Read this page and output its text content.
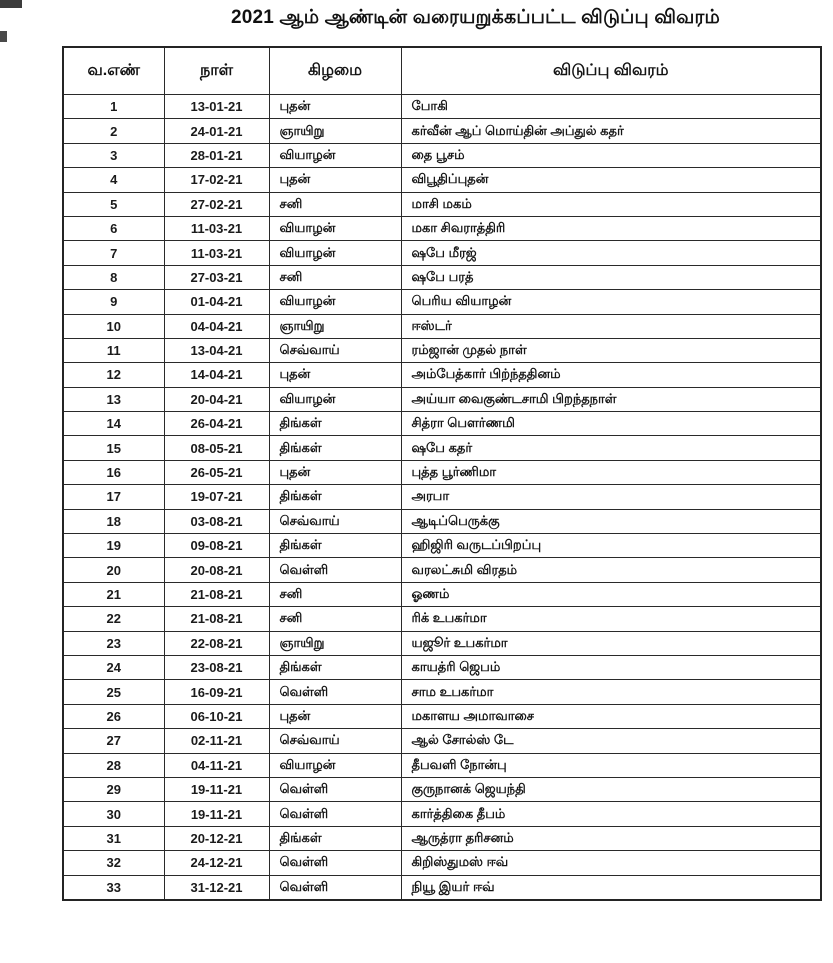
2021 ஆம் ஆண்டின் வரையறுக்கப்பட்ட விடுப்பு விவரம்
வ.எண்	நாள்	கிழமை	விடுப்பு விவரம்
1	13-01-21	புதன்	போகி
2	24-01-21	ஞாயிறு	கர்வீன் ஆப் மொய்தின் அப்துல் கதர்
3	28-01-21	வியாழன்	தை பூசம்
4	17-02-21	புதன்	விபூதிப்புதன்
5	27-02-21	சனி	மாசி மகம்
6	11-03-21	வியாழன்	மகா சிவராத்திரி
7	11-03-21	வியாழன்	ஷபே மீரஜ்
8	27-03-21	சனி	ஷபே பரத்
9	01-04-21	வியாழன்	பெரிய வியாழன்
10	04-04-21	ஞாயிறு	ஈஸ்டர்
11	13-04-21	செவ்வாய்	ரம்ஜான் முதல் நாள்
12	14-04-21	புதன்	அம்பேத்கார் பிற்ந்ததினம்
13	20-04-21	வியாழன்	அய்யா வைகுண்டசாமி பிறந்தநாள்
14	26-04-21	திங்கள்	சித்ரா பௌர்ணமி
15	08-05-21	திங்கள்	ஷபே கதர்
16	26-05-21	புதன்	புத்த பூர்ணிமா
17	19-07-21	திங்கள்	அரபா
18	03-08-21	செவ்வாய்	ஆடிப்பெருக்கு
19	09-08-21	திங்கள்	ஹிஜிரி வருடப்பிறப்பு
20	20-08-21	வெள்ளி	வரலட்சுமி விரதம்
21	21-08-21	சனி	ஓணம்
22	21-08-21	சனி	ரிக் உபகர்மா
23	22-08-21	ஞாயிறு	யஜூர் உபகர்மா
24	23-08-21	திங்கள்	காயத்ரி ஜெபம்
25	16-09-21	வெள்ளி	சாம உபகர்மா
26	06-10-21	புதன்	மகாளய அமாவாசை
27	02-11-21	செவ்வாய்	ஆல் சோல்ஸ் டே
28	04-11-21	வியாழன்	தீபவளி நோன்பு
29	19-11-21	வெள்ளி	குருநானக் ஜெயந்தி
30	19-11-21	வெள்ளி	கார்த்திகை தீபம்
31	20-12-21	திங்கள்	ஆருத்ரா தரிசனம்
32	24-12-21	வெள்ளி	கிறிஸ்துமஸ் ஈவ்
33	31-12-21	வெள்ளி	நியூ இயர் ஈவ்
